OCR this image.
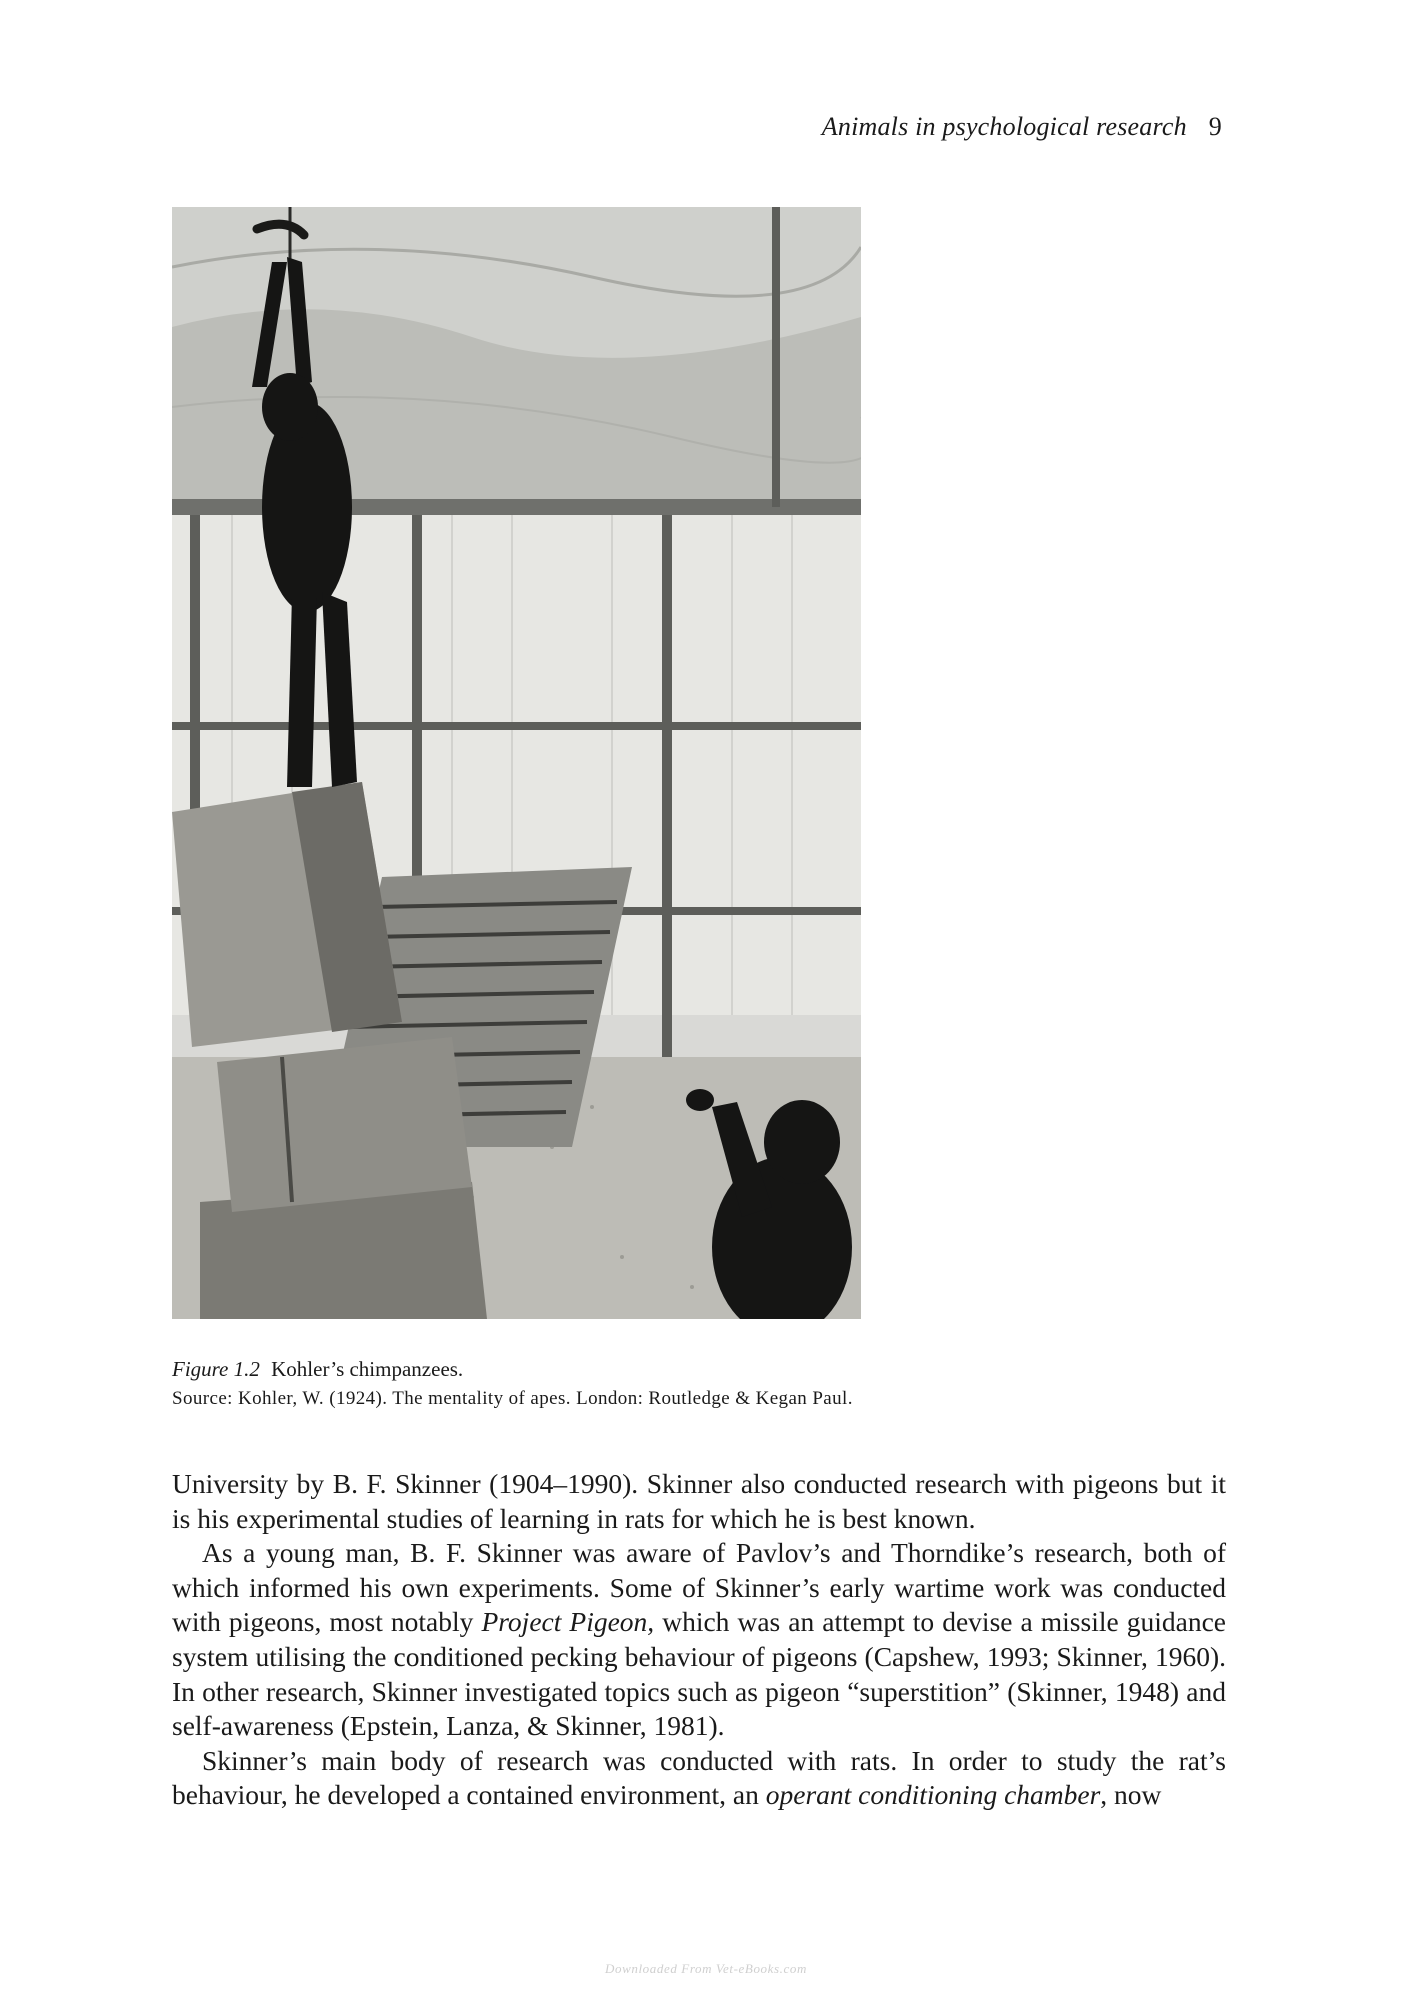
Animals in psychological research 9
Figure 1.2 Kohler’s chimpanzees.
Source: Kohler, W. (1924). The mentality of apes. London: Routledge & Kegan Paul.

University by B. F. Skinner (1904–1990). Skinner also conducted research with pigeons but it is his experimental studies of learning in rats for which he is best known.

As a young man, B. F. Skinner was aware of Pavlov’s and Thorndike’s research, both of which informed his own experiments. Some of Skinner’s early wartime work was conducted with pigeons, most notably Project Pigeon, which was an attempt to devise a missile guidance system utilising the conditioned pecking behaviour of pigeons (Capshew, 1993; Skinner, 1960). In other research, Skinner investigated topics such as pigeon “superstition” (Skinner, 1948) and self-awareness (Epstein, Lanza, & Skinner, 1981).

Skinner’s main body of research was conducted with rats. In order to study the rat’s behaviour, he developed a contained environment, an operant conditioning chamber, now

Downloaded From Vet-eBooks.com
